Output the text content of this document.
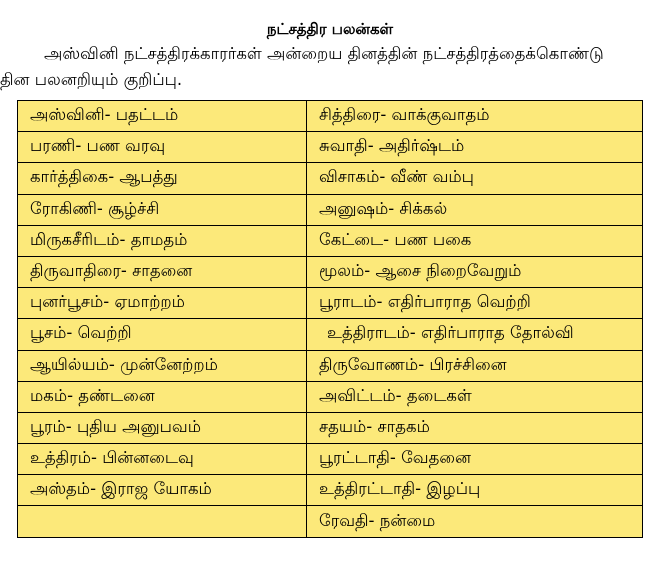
நட்சத்திர பலன்கள்
அஸ்வினி நட்சத்திரக்காரர்கள் அன்றைய தினத்தின் நட்சத்திரத்தைக்கொண்டு
தின பலனறியும் குறிப்பு.
அஸ்வினி- பதட்டம்	சித்திரை- வாக்குவாதம்
பரணி- பண வரவு	சுவாதி- அதிர்ஷ்டம்
கார்த்திகை- ஆபத்து	விசாகம்- வீண் வம்பு
ரோகிணி- சூழ்ச்சி	அனுஷம்- சிக்கல்
மிருகசீரிடம்- தாமதம்	கேட்டை- பண பகை
திருவாதிரை- சாதனை	மூலம்- ஆசை நிறைவேறும்
புனர்பூசம்- ஏமாற்றம்	பூராடம்- எதிர்பாராத வெற்றி
பூசம்- வெற்றி	உத்திராடம்- எதிர்பாராத தோல்வி
ஆயில்யம்- முன்னேற்றம்	திருவோணம்- பிரச்சினை
மகம்- தண்டனை	அவிட்டம்- தடைகள்
பூரம்- புதிய அனுபவம்	சதயம்- சாதகம்
உத்திரம்- பின்னடைவு	பூரட்டாதி- வேதனை
அஸ்தம்- இராஜ யோகம்	உத்திரட்டாதி- இழப்பு
	ரேவதி- நன்மை
